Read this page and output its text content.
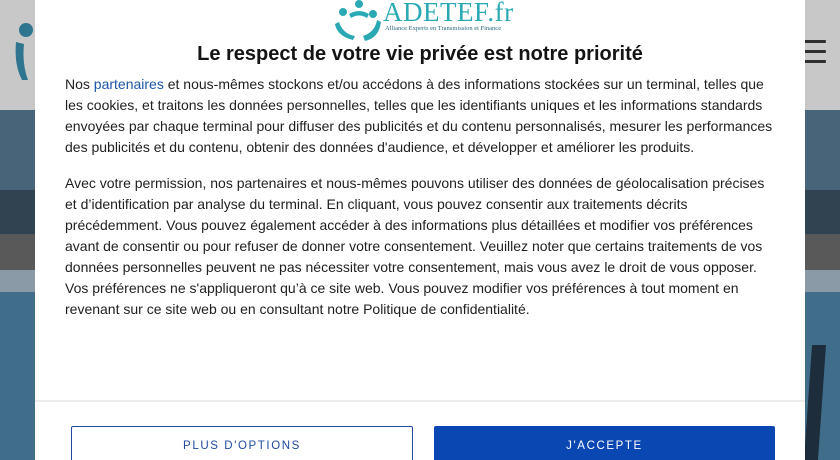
ADETEF.fr
Alliance Experts en Transmission et Finance
Le respect de votre vie privée est notre priorité

Nos partenaires et nous-mêmes stockons et/ou accédons à des informations stockées sur un terminal, telles que les cookies, et traitons les données personnelles, telles que les identifiants uniques et les informations standards envoyées par chaque terminal pour diffuser des publicités et du contenu personnalisés, mesurer les performances des publicités et du contenu, obtenir des données d'audience, et développer et améliorer les produits.

Avec votre permission, nos partenaires et nous-mêmes pouvons utiliser des données de géolocalisation précises et d’identification par analyse du terminal. En cliquant, vous pouvez consentir aux traitements décrits précédemment. Vous pouvez également accéder à des informations plus détaillées et modifier vos préférences avant de consentir ou pour refuser de donner votre consentement. Veuillez noter que certains traitements de vos données personnelles peuvent ne pas nécessiter votre consentement, mais vous avez le droit de vous opposer. Vos préférences ne s'appliqueront qu’à ce site web. Vous pouvez modifier vos préférences à tout moment en revenant sur ce site web ou en consultant notre Politique de confidentialité.

PLUS D'OPTIONS	J'ACCEPTE
